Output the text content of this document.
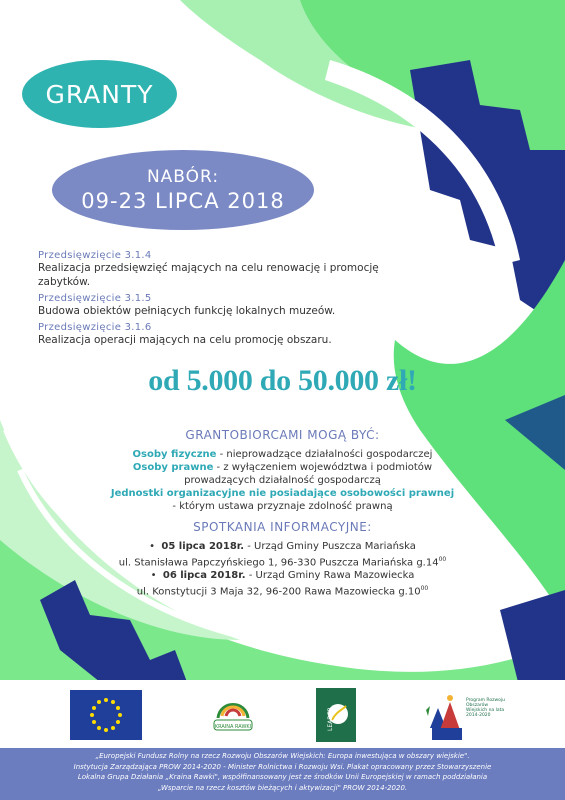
GRANTY
NABÓR:
09-23 LIPCA 2018
Przedsięwzięcie 3.1.4
Realizacja przedsięwzięć mających na celu renowację i promocję zabytków.
Przedsięwzięcie 3.1.5
Budowa obiektów pełniących funkcję lokalnych muzeów.
Przedsięwzięcie 3.1.6
Realizacja operacji mających na celu promocję obszaru.
od 5.000 do 50.000 zł!
GRANTOBIORCAMI MOGĄ BYĆ:

Osoby fizyczne - nieprowadzące działalności gospodarczej

Osoby prawne - z wyłączeniem województwa i podmiotów

prowadzących działalność gospodarczą

Jednostki organizacyjne nie posiadające osobowości prawnej

- którym ustawa przyznaje zdolność prawną

SPOTKANIA INFORMACYJNE:

•  05 lipca 2018r. - Urząd Gminy Puszcza Mariańska

ul. Stanisława Papczyńskiego 1, 96-330 Puszcza Mariańska $g.14^{00}$

•  06 lipca 2018r. - Urząd Gminy Rawa Mazowiecka

ul. Konstytucji 3 Maja 32, 96-200 Rawa Mazowiecka $g.10^{00}$

KRAINA RAWKI	LEADER
Program Rozwoju Obszarów Wiejskich na lata 2014-2020
„Europejski Fundusz Rolny na rzecz Rozwoju Obszarów Wiejskich: Europa inwestująca w obszary wiejskie".
Instytucja Zarządzająca PROW 2014-2020 - Minister Rolnictwa i Rozwoju Wsi. Plakat opracowany przez Stowarzyszenie
Lokalna Grupa Działania „Kraina Rawki", współfinansowany jest ze środków Unii Europejskiej w ramach poddziałania
„Wsparcie na rzecz kosztów bieżących i aktywizacji" PROW 2014-2020.
